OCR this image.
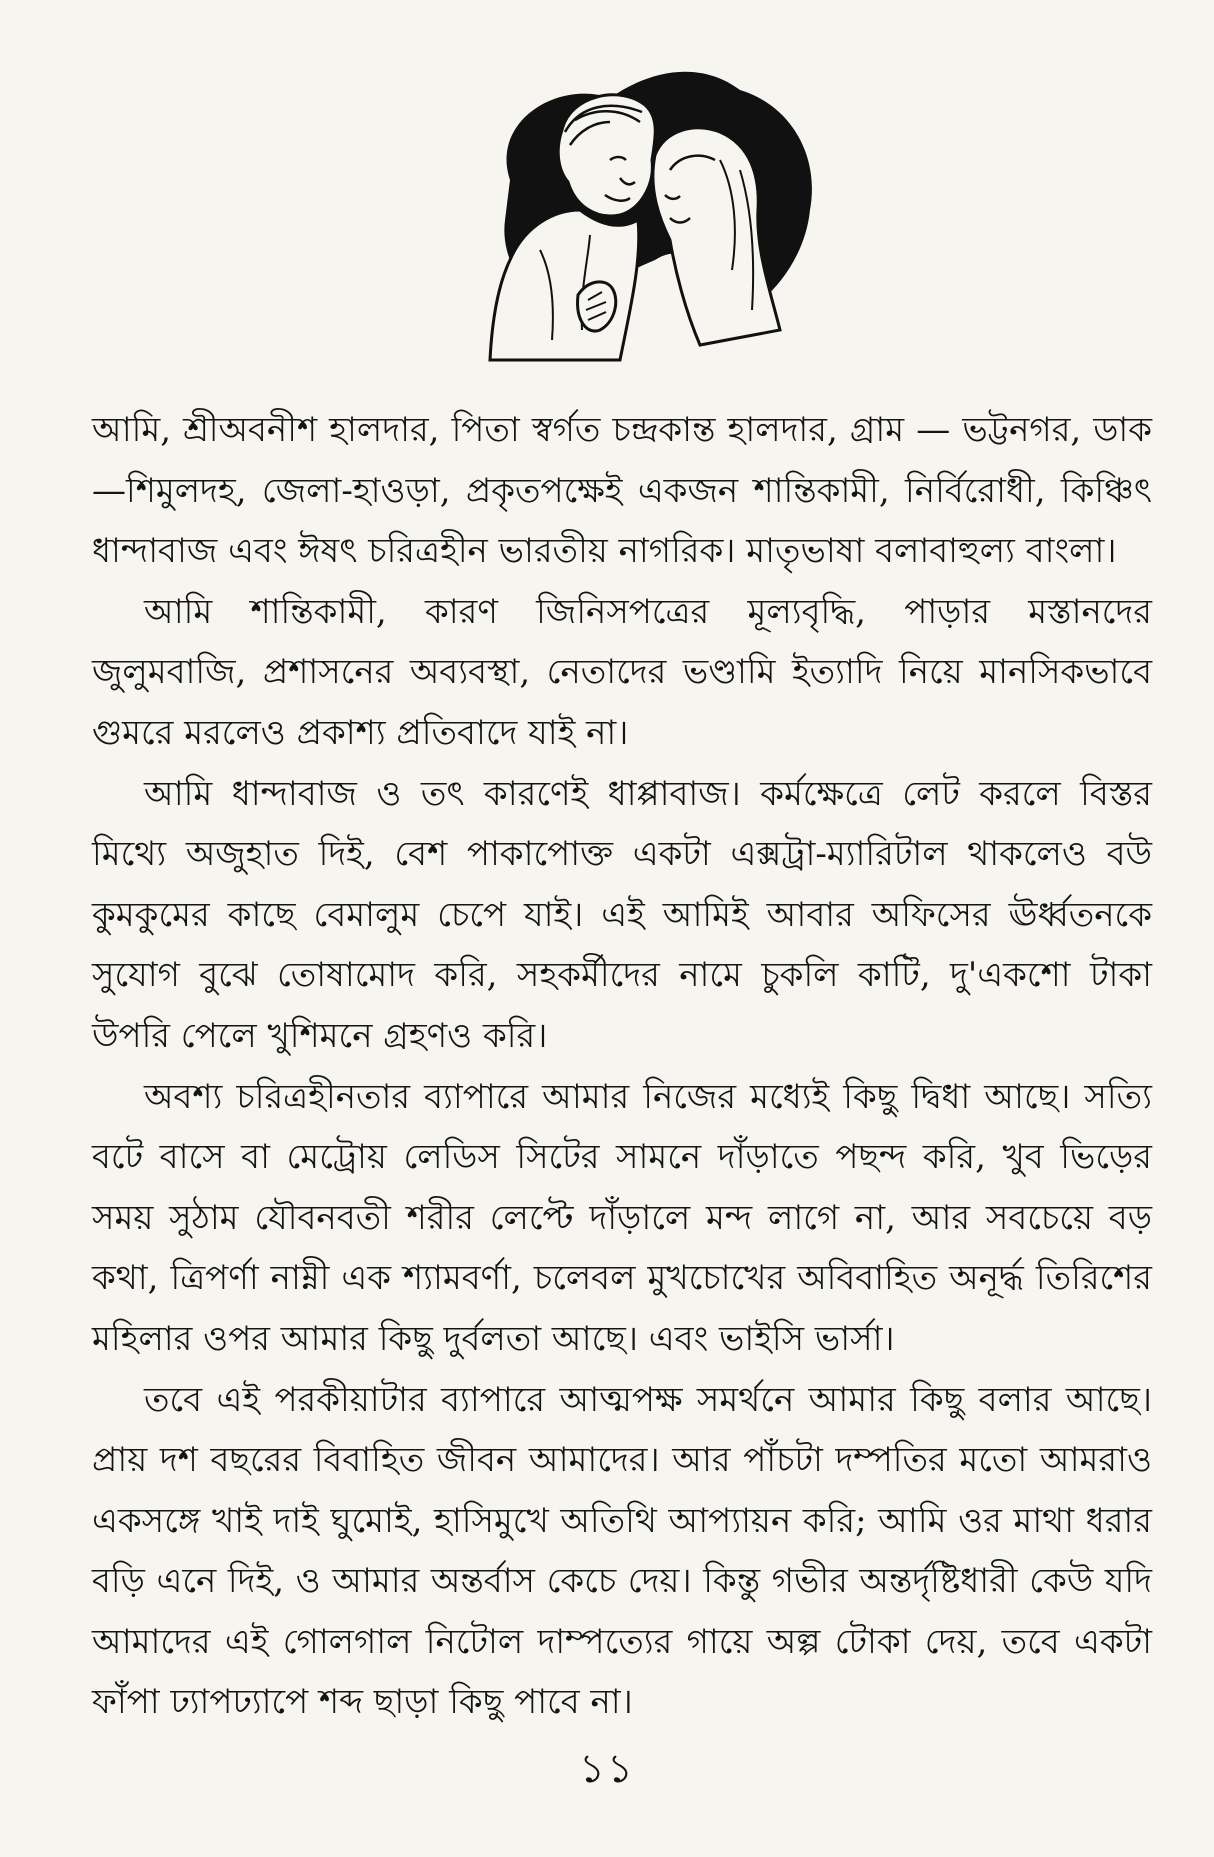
আমি, শ্রীঅবনীশ হালদার, পিতা স্বর্গত চন্দ্রকান্ত হালদার, গ্রাম — ভট্টনগর, ডাক —শিমুলদহ, জেলা-হাওড়া, প্রকৃতপক্ষেই একজন শান্তিকামী, নির্বিরোধী, কিঞ্চিৎ ধান্দাবাজ এবং ঈষৎ চরিত্রহীন ভারতীয় নাগরিক। মাতৃভাষা বলাবাহুল্য বাংলা।

আমি শান্তিকামী, কারণ জিনিসপত্রের মূল্যবৃদ্ধি, পাড়ার মস্তানদের জুলুমবাজি, প্রশাসনের অব্যবস্থা, নেতাদের ভণ্ডামি ইত্যাদি নিয়ে মানসিকভাবে গুমরে মরলেও প্রকাশ্য প্রতিবাদে যাই না।

আমি ধান্দাবাজ ও তৎ কারণেই ধাপ্পাবাজ। কর্মক্ষেত্রে লেট করলে বিস্তর মিথ্যে অজুহাত দিই, বেশ পাকাপোক্ত একটা এক্সট্রা-ম্যারিটাল থাকলেও বউ কুমকুমের কাছে বেমালুম চেপে যাই। এই আমিই আবার অফিসের ঊর্ধ্বতনকে সুযোগ বুঝে তোষামোদ করি, সহকর্মীদের নামে চুকলি কাটি, দু'একশো টাকা উপরি পেলে খুশিমনে গ্রহণও করি।

অবশ্য চরিত্রহীনতার ব্যাপারে আমার নিজের মধ্যেই কিছু দ্বিধা আছে। সত্যি বটে বাসে বা মেট্রোয় লেডিস সিটের সামনে দাঁড়াতে পছন্দ করি, খুব ভিড়ের সময় সুঠাম যৌবনবতী শরীর লেপ্টে দাঁড়ালে মন্দ লাগে না, আর সবচেয়ে বড় কথা, ত্রিপর্ণা নাম্নী এক শ্যামবর্ণা, চলেবল মুখচোখের অবিবাহিত অনূর্দ্ধ তিরিশের মহিলার ওপর আমার কিছু দুর্বলতা আছে। এবং ভাইসি ভার্সা।

তবে এই পরকীয়াটার ব্যাপারে আত্মপক্ষ সমর্থনে আমার কিছু বলার আছে। প্রায় দশ বছরের বিবাহিত জীবন আমাদের। আর পাঁচটা দম্পতির মতো আমরাও একসঙ্গে খাই দাই ঘুমোই, হাসিমুখে অতিথি আপ্যায়ন করি; আমি ওর মাথা ধরার বড়ি এনে দিই, ও আমার অন্তর্বাস কেচে দেয়। কিন্তু গভীর অন্তর্দৃষ্টিধারী কেউ যদি আমাদের এই গোলগাল নিটোল দাম্পত্যের গায়ে অল্প টোকা দেয়, তবে একটা ফাঁপা ঢ্যাপঢ্যাপে শব্দ ছাড়া কিছু পাবে না।

১১
